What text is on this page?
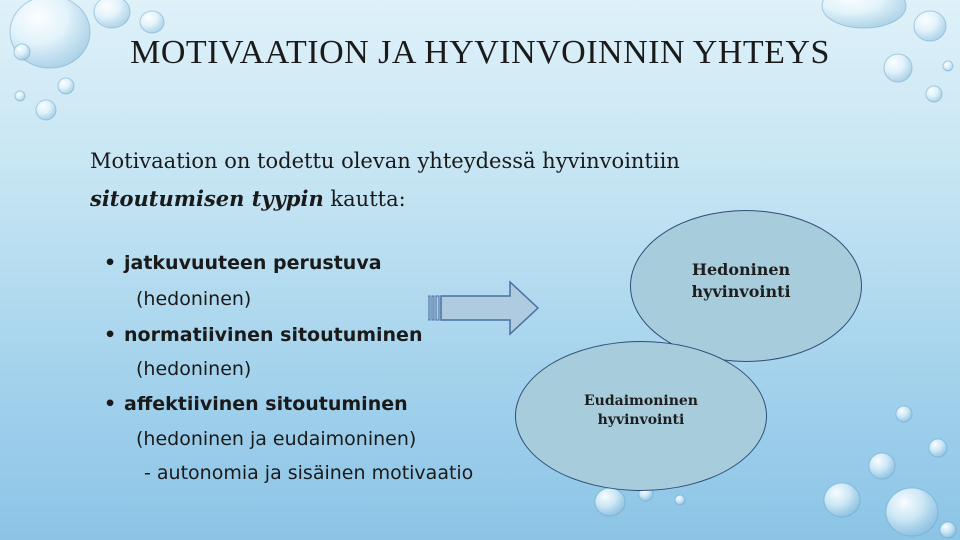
MOTIVAATION JA HYVINVOINNIN YHTEYS
Motivaation on todettu olevan yhteydessä hyvinvointiin
sitoutumisen tyypin kautta:
• jatkuvuuteen perustuva
(hedoninen)
• normatiivinen sitoutuminen
(hedoninen)
• affektiivinen sitoutuminen
(hedoninen ja eudaimoninen)
- autonomia ja sisäinen motivaatio
Hedoninen
hyvinvointi
Eudaimoninen
hyvinvointi
